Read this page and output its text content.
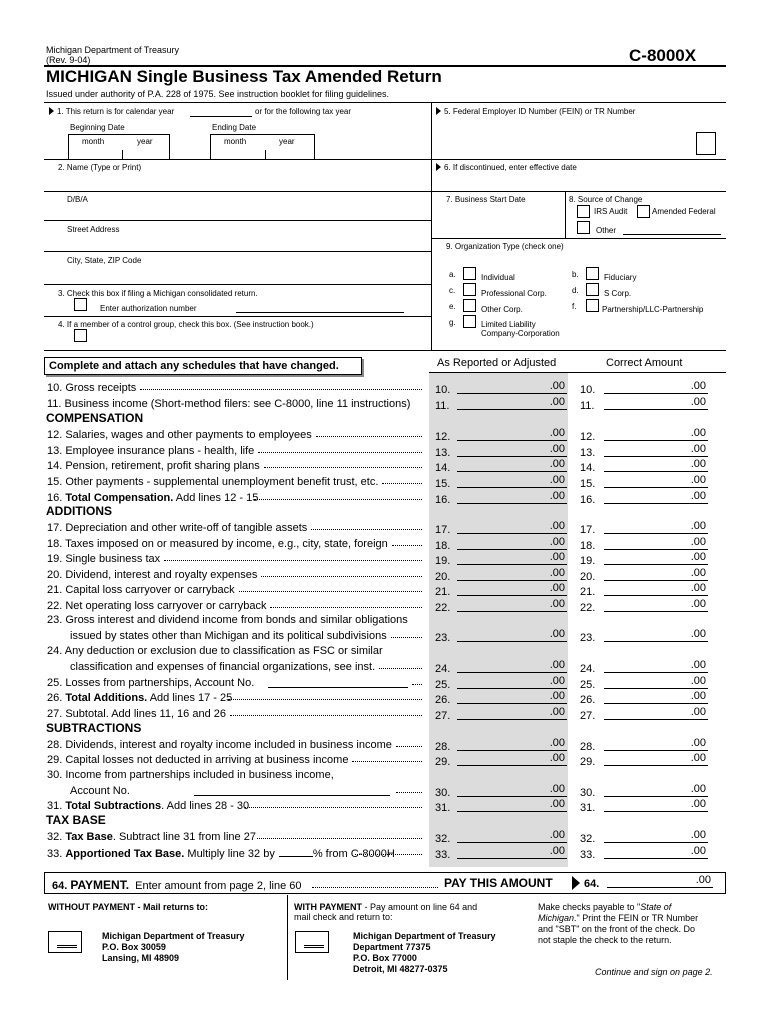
Michigan Department of Treasury
(Rev. 9-04)	C-8000X
MICHIGAN Single Business Tax Amended Return
Issued under authority of P.A. 228 of 1975. See instruction booklet for filing guidelines.
1. This return is for calendar year	or for the following tax year
Beginning Date	Ending Date
month	year	month	year
5. Federal Employer ID Number (FEIN) or TR Number
2. Name (Type or Print)	6. If discontinued, enter effective date
D/B/A	7. Business Start Date	8. Source of Change
IRS Audit	Amended Federal
Other
Street Address
9. Organization Type (check one)
City, State, ZIP Code
a.	Individual	b.	Fiduciary
c.	Professional Corp.	d.	S Corp.
e.	Other Corp.	f.	Partnership/LLC-Partnership
g.	Limited Liability
Company-Corporation
3. Check this box if filing a Michigan consolidated return.
Enter authorization number
4. If a member of a control group, check this box. (See instruction book.)
Complete and attach any schedules that have changed.	As Reported or Adjusted	Correct Amount
COMPENSATION
ADDITIONS
SUBTRACTIONS
TAX BASE
10. Gross receipts	10.	.00 10.	.00
11. Business income (Short-method filers: see C-8000, line 11 instructions) 11.	.00 11.	.00
12. Salaries, wages and other payments to employees	12.	.00 12.	.00
13. Employee insurance plans - health, life	13.	.00 13.	.00
14. Pension, retirement, profit sharing plans	14.	.00 14.	.00
15. Other payments - supplemental unemployment benefit trust, etc.	15.	.00 15.	.00
16. Total Compensation. Add lines 12 - 15	16.	.00 16.	.00
17. Depreciation and other write-off of tangible assets	17.	.00 17.	.00
18. Taxes imposed on or measured by income, e.g., city, state, foreign	18.	.00 18.	.00
19. Single business tax	19.	.00 19.	.00
20. Dividend, interest and royalty expenses	20.	.00 20.	.00
21. Capital loss carryover or carryback	21.	.00 21.	.00
22. Net operating loss carryover or carryback	22.	.00 22.	.00
23. Gross interest and dividend income from bonds and similar obligations
issued by states other than Michigan and its political subdivisions	23.	.00 23.	.00
24. Any deduction or exclusion due to classification as FSC or similar
classification and expenses of financial organizations, see inst.	24.	.00 24.	.00
25. Losses from partnerships, Account No.	25.	.00 25.	.00
26. Total Additions. Add lines 17 - 25	26.	.00 26.	.00
27. Subtotal. Add lines 11, 16 and 26	27.	.00 27.	.00
28. Dividends, interest and royalty income included in business income	28.	.00 28.	.00
29. Capital losses not deducted in arriving at business income	29.	.00 29.	.00
30. Income from partnerships included in business income,
Account No.	30.	.00 30.	.00
31. Total Subtractions. Add lines 28 - 30	31.	.00 31.	.00
32. Tax Base. Subtract line 31 from line 27	32.	.00 32.	.00
33. Apportioned Tax Base. Multiply line 32 by	% from C-8000H	33.	.00 33.	.00
64. PAYMENT. Enter amount from page 2, line 60	PAY THIS AMOUNT	64.	.00
WITHOUT PAYMENT - Mail returns to:	WITH PAYMENT - Pay amount on line 64 and
mail check and return to:
Michigan Department of Treasury
P.O. Box 30059
Lansing, MI 48909
Michigan Department of Treasury
Department 77375
P.O. Box 77000
Detroit, MI 48277-0375
Make checks payable to "State of
Michigan." Print the FEIN or TR Number
and "SBT" on the front of the check. Do
not staple the check to the return.
Continue and sign on page 2.
